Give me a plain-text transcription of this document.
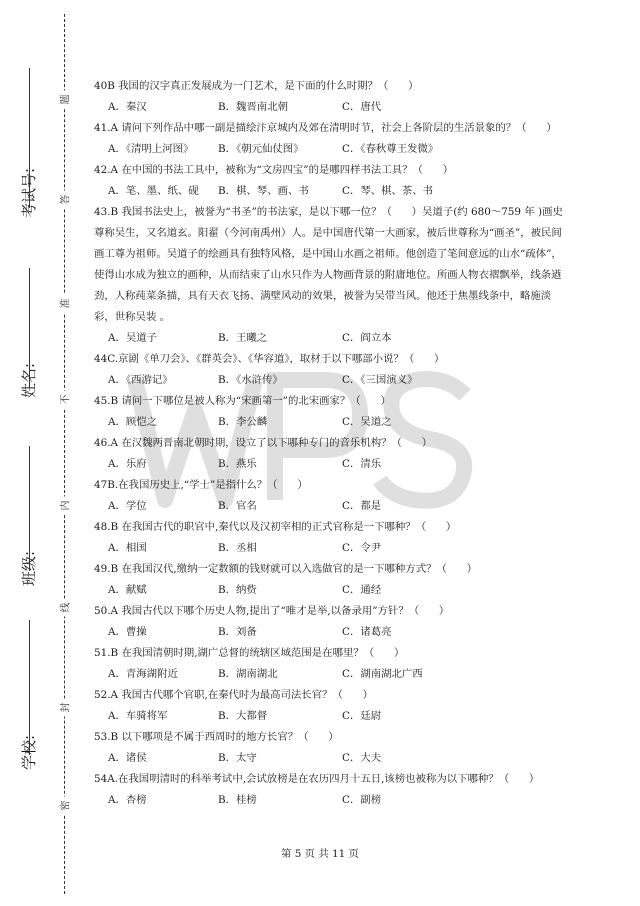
考试号:
姓名:
班级:
学校:
题
答
准
不
内
线
封
密
40B 我国的汉字真正发展成为一门艺术，是下面的什么时期？（      ）
A．秦汉	B．魏晋南北朝	C．唐代
41.A 请问下列作品中哪一副是描绘汴京城内及郊在清明时节，社会上各阶层的生活景象的？（      ）
A．《清明上河图》	B．《朝元仙仗图》	C．《春秋尊王发微》
42.A 在中国的书法工具中，被称为“文房四宝”的是哪四样书法工具？（      ）
A．笔、墨、纸、砚	B．棋、琴、画、书	C．琴、棋、茶、书
43.B 我国书法史上，被誉为“书圣”的书法家，是以下哪一位？（      ）吴道子(约 680～759 年 )画史尊称吴生，又名道玄。阳翟（今河南禹州）人。是中国唐代第一大画家，被后世尊称为“画圣”，被民间画工尊为祖师。吴道子的绘画具有独特风格，是中国山水画之祖师。他创造了笔间意远的山水“疏体”，使得山水成为独立的画种，从而结束了山水只作为人物画背景的附庸地位。所画人物衣褶飘举，线条遒劲，人称莼菜条描，具有天衣飞扬、满壁风动的效果，被誉为吴带当风。他还于焦墨线条中，略施淡彩，世称吴装 。
A．吴道子	B．王曦之	C．阎立本
44C.京剧《单刀会》、《群英会》、《华容道》，取材于以下哪部小说？（      ）
A．《西游记》	B．《水浒传》	C．《三国演义》
45.B 请问一下哪位是被人称为“宋画第一”的北宋画家？（      ）
A．顾恺之	B．李公麟	C．吴道之
46.A 在汉魏两晋南北朝时期，设立了以下哪种专门的音乐机构？（      ）
A．乐府	B．燕乐	C．清乐
47B.在我国历史上,“学士”是指什么？（      ）
A．学位	B．官名	C．都是
48.B 在我国古代的职官中,秦代以及汉初宰相的正式官称是一下哪种？（      ）
A．相国	B．丞相	C．令尹
49.B 在我国汉代,缴纳一定数额的钱财就可以入选做官的是一下哪种方式？（      ）
A．献赋	B．纳赀	C．通经
50.A 我国古代以下哪个历史人物,提出了“唯才是举,以备录用”方针？（      ）
A．曹操	B．刘备	C．诸葛亮
51.B 在我国清朝时期,湖广总督的统辖区域范围是在哪里？（      ）
A．青海湖附近	B．湖南湖北	C．湖南湖北广西
52.A 我国古代哪个官职,在秦代时为最高司法长官？（      ）
A．车骑将军	B．大都督	C．廷尉
53.B 以下哪项是不属于西周时的地方长官？（      ）
A．诸侯	B．太守	C．大夫
54A.在我国明清时的科举考试中,会试放榜是在农历四月十五日,该榜也被称为以下哪种？（      ）
A．杏榜	B．桂榜	C．副榜
第 5 页 共 11 页
